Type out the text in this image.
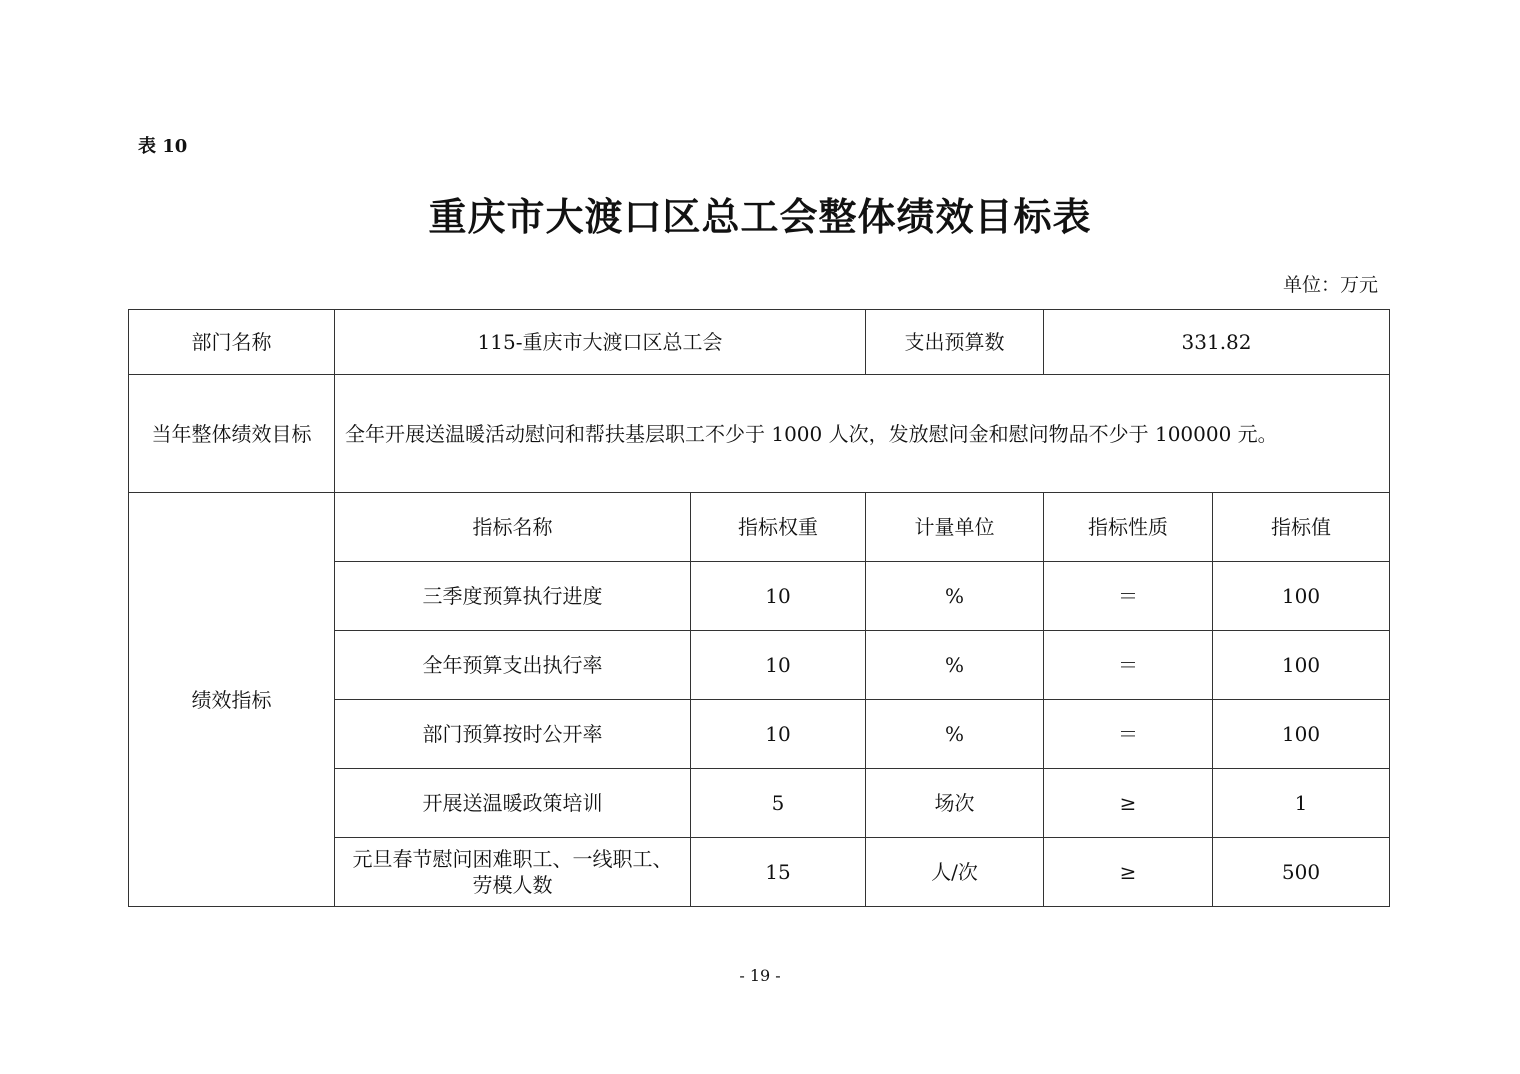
表 10
重庆市大渡口区总工会整体绩效目标表
单位：万元
部门名称	115-重庆市大渡口区总工会		支出预算数	331.82	
当年整体绩效目标	全年开展送温暖活动慰问和帮扶基层职工不少于 1000 人次，发放慰问金和慰问物品不少于 100000 元。				
绩效指标	指标名称	指标权重	计量单位	指标性质	指标值
	三季度预算执行进度	10	%	＝	100
	全年预算支出执行率	10	%	＝	100
	部门预算按时公开率	10	%	＝	100
	开展送温暖政策培训	5	场次	≥	1

	元旦春节慰问困难职工、一线职工、
劳模人数	15	人/次	≥	500
- 19 -
